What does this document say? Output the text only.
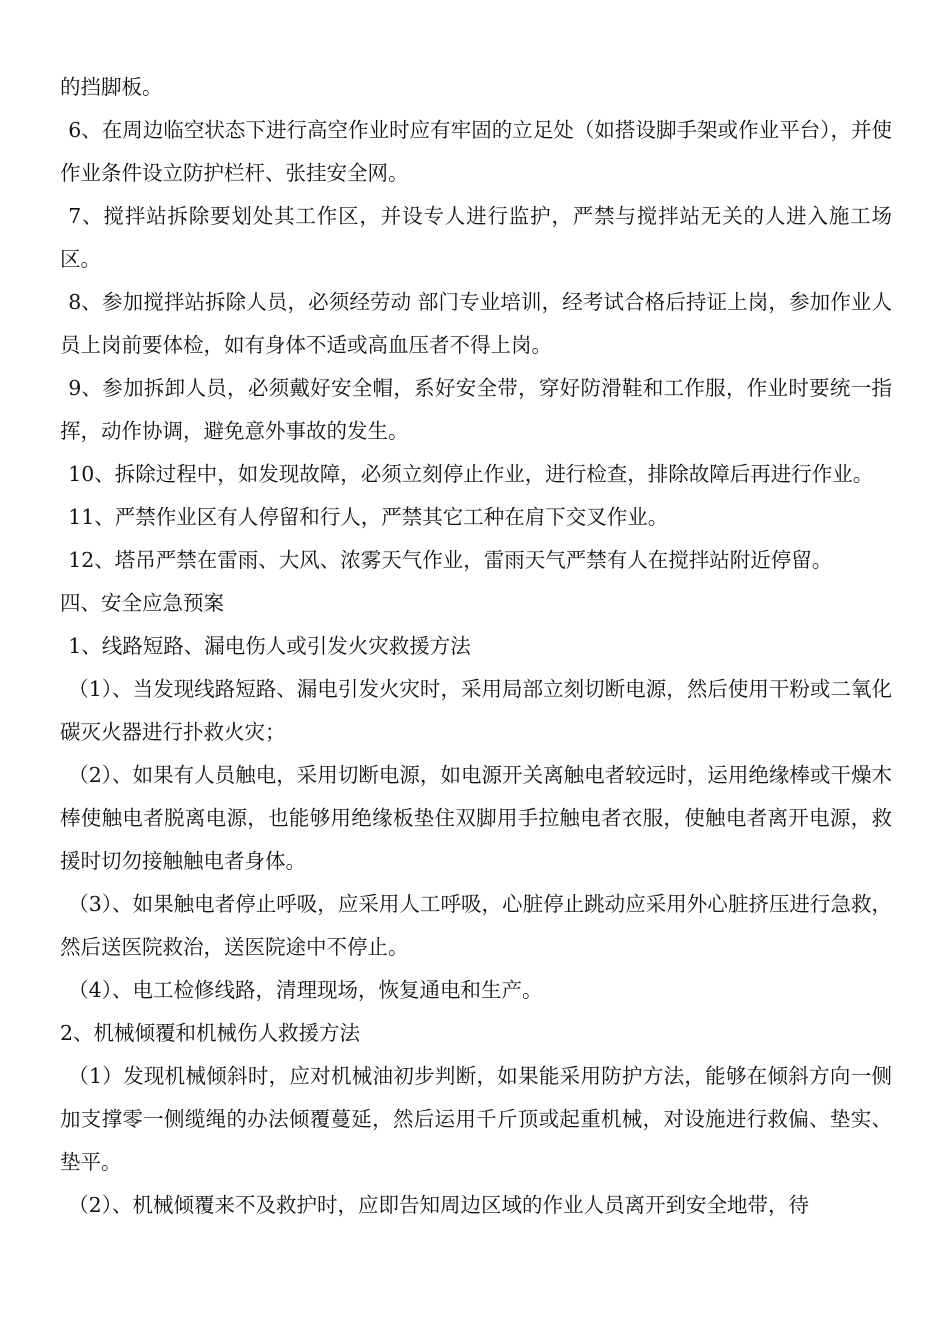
的挡脚板。

6、在周边临空状态下进行高空作业时应有牢固的立足处（如搭设脚手架或作业平台），并使作业条件设立防护栏杆、张挂安全网。

7、搅拌站拆除要划处其工作区，并设专人进行监护，严禁与搅拌站无关的人进入施工场区。

8、参加搅拌站拆除人员，必须经劳动 部门专业培训，经考试合格后持证上岗，参加作业人员上岗前要体检，如有身体不适或高血压者不得上岗。

9、参加拆卸人员，必须戴好安全帽，系好安全带，穿好防滑鞋和工作服，作业时要统一指挥，动作协调，避免意外事故的发生。

10、拆除过程中，如发现故障，必须立刻停止作业，进行检查，排除故障后再进行作业。

11、严禁作业区有人停留和行人，严禁其它工种在肩下交叉作业。

12、塔吊严禁在雷雨、大风、浓雾天气作业，雷雨天气严禁有人在搅拌站附近停留。

四、安全应急预案

1、线路短路、漏电伤人或引发火灾救援方法

（1）、当发现线路短路、漏电引发火灾时，采用局部立刻切断电源，然后使用干粉或二氧化碳灭火器进行扑救火灾；

（2）、如果有人员触电，采用切断电源，如电源开关离触电者较远时，运用绝缘棒或干燥木棒使触电者脱离电源，也能够用绝缘板垫住双脚用手拉触电者衣服，使触电者离开电源，救援时切勿接触触电者身体。

（3）、如果触电者停止呼吸，应采用人工呼吸，心脏停止跳动应采用外心脏挤压进行急救，然后送医院救治，送医院途中不停止。

（4）、电工检修线路，清理现场，恢复通电和生产。

2、机械倾覆和机械伤人救援方法

（1）发现机械倾斜时，应对机械油初步判断，如果能采用防护方法，能够在倾斜方向一侧加支撑零一侧缆绳的办法倾覆蔓延，然后运用千斤顶或起重机械，对设施进行救偏、垫实、垫平。

（2）、机械倾覆来不及救护时，应即告知周边区域的作业人员离开到安全地带，待
